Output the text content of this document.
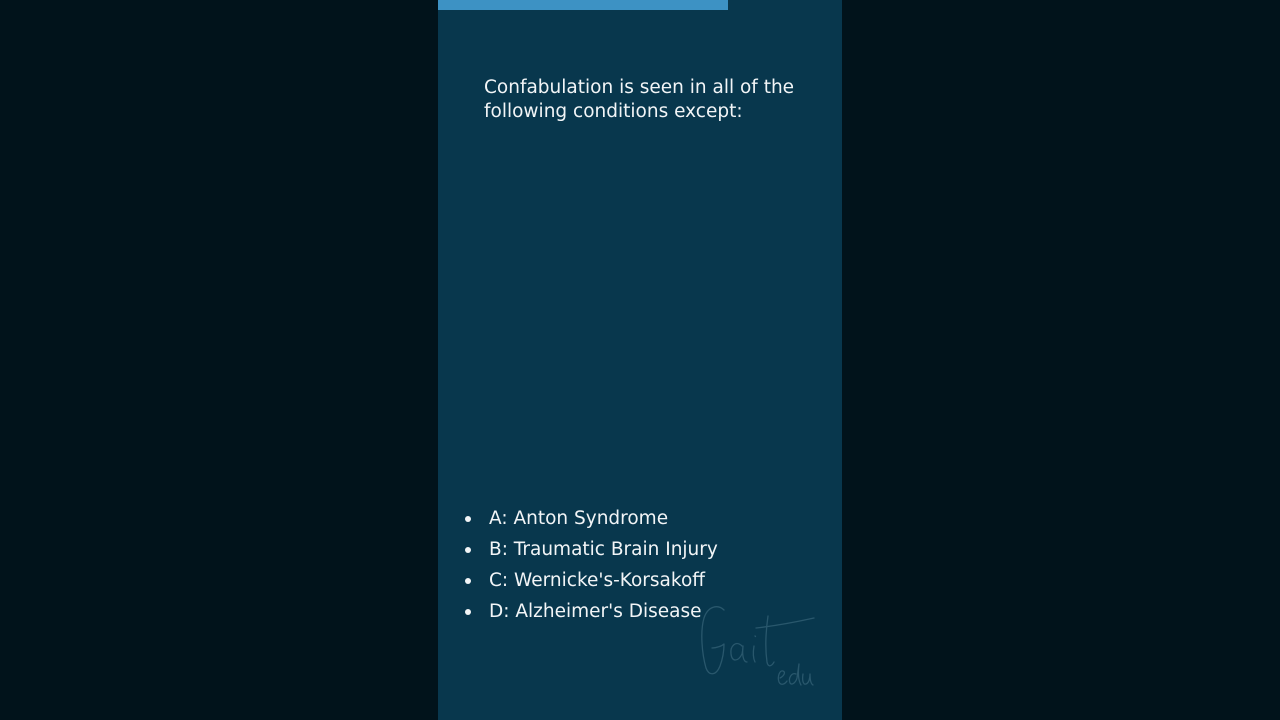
Confabulation is seen in all of the following conditions except:

A: Anton Syndrome
B: Traumatic Brain Injury
C: Wernicke's-Korsakoff
D: Alzheimer's Disease
